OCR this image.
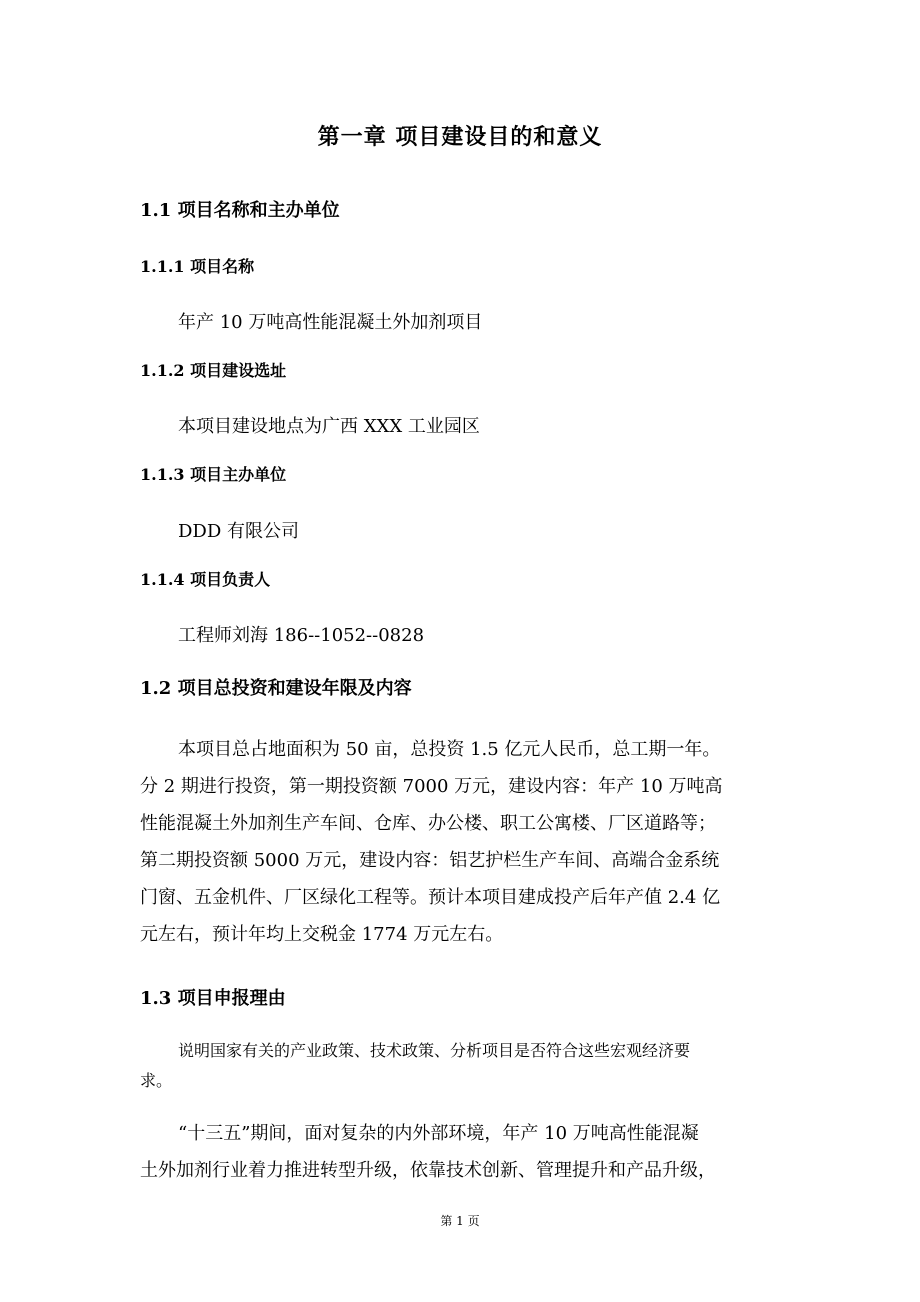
第一章 项目建设目的和意义
1.1 项目名称和主办单位
1.1.1 项目名称
年产 10 万吨高性能混凝土外加剂项目
1.1.2 项目建设选址
本项目建设地点为广西 XXX 工业园区
1.1.3 项目主办单位
DDD 有限公司
1.1.4 项目负责人
工程师刘海 186--1052--0828
1.2 项目总投资和建设年限及内容
本项目总占地面积为 50 亩，总投资 1.5 亿元人民币，总工期一年。
分 2 期进行投资，第一期投资额 7000 万元，建设内容：年产 10 万吨高
性能混凝土外加剂生产车间、仓库、办公楼、职工公寓楼、厂区道路等；
第二期投资额 5000 万元，建设内容：铝艺护栏生产车间、高端合金系统
门窗、五金机件、厂区绿化工程等。预计本项目建成投产后年产值 2.4 亿
元左右，预计年均上交税金 1774 万元左右。
1.3 项目申报理由
说明国家有关的产业政策、技术政策、分析项目是否符合这些宏观经济要
求。
“十三五”期间，面对复杂的内外部环境，年产 10 万吨高性能混凝
土外加剂行业着力推进转型升级，依靠技术创新、管理提升和产品升级，
第 1 页
